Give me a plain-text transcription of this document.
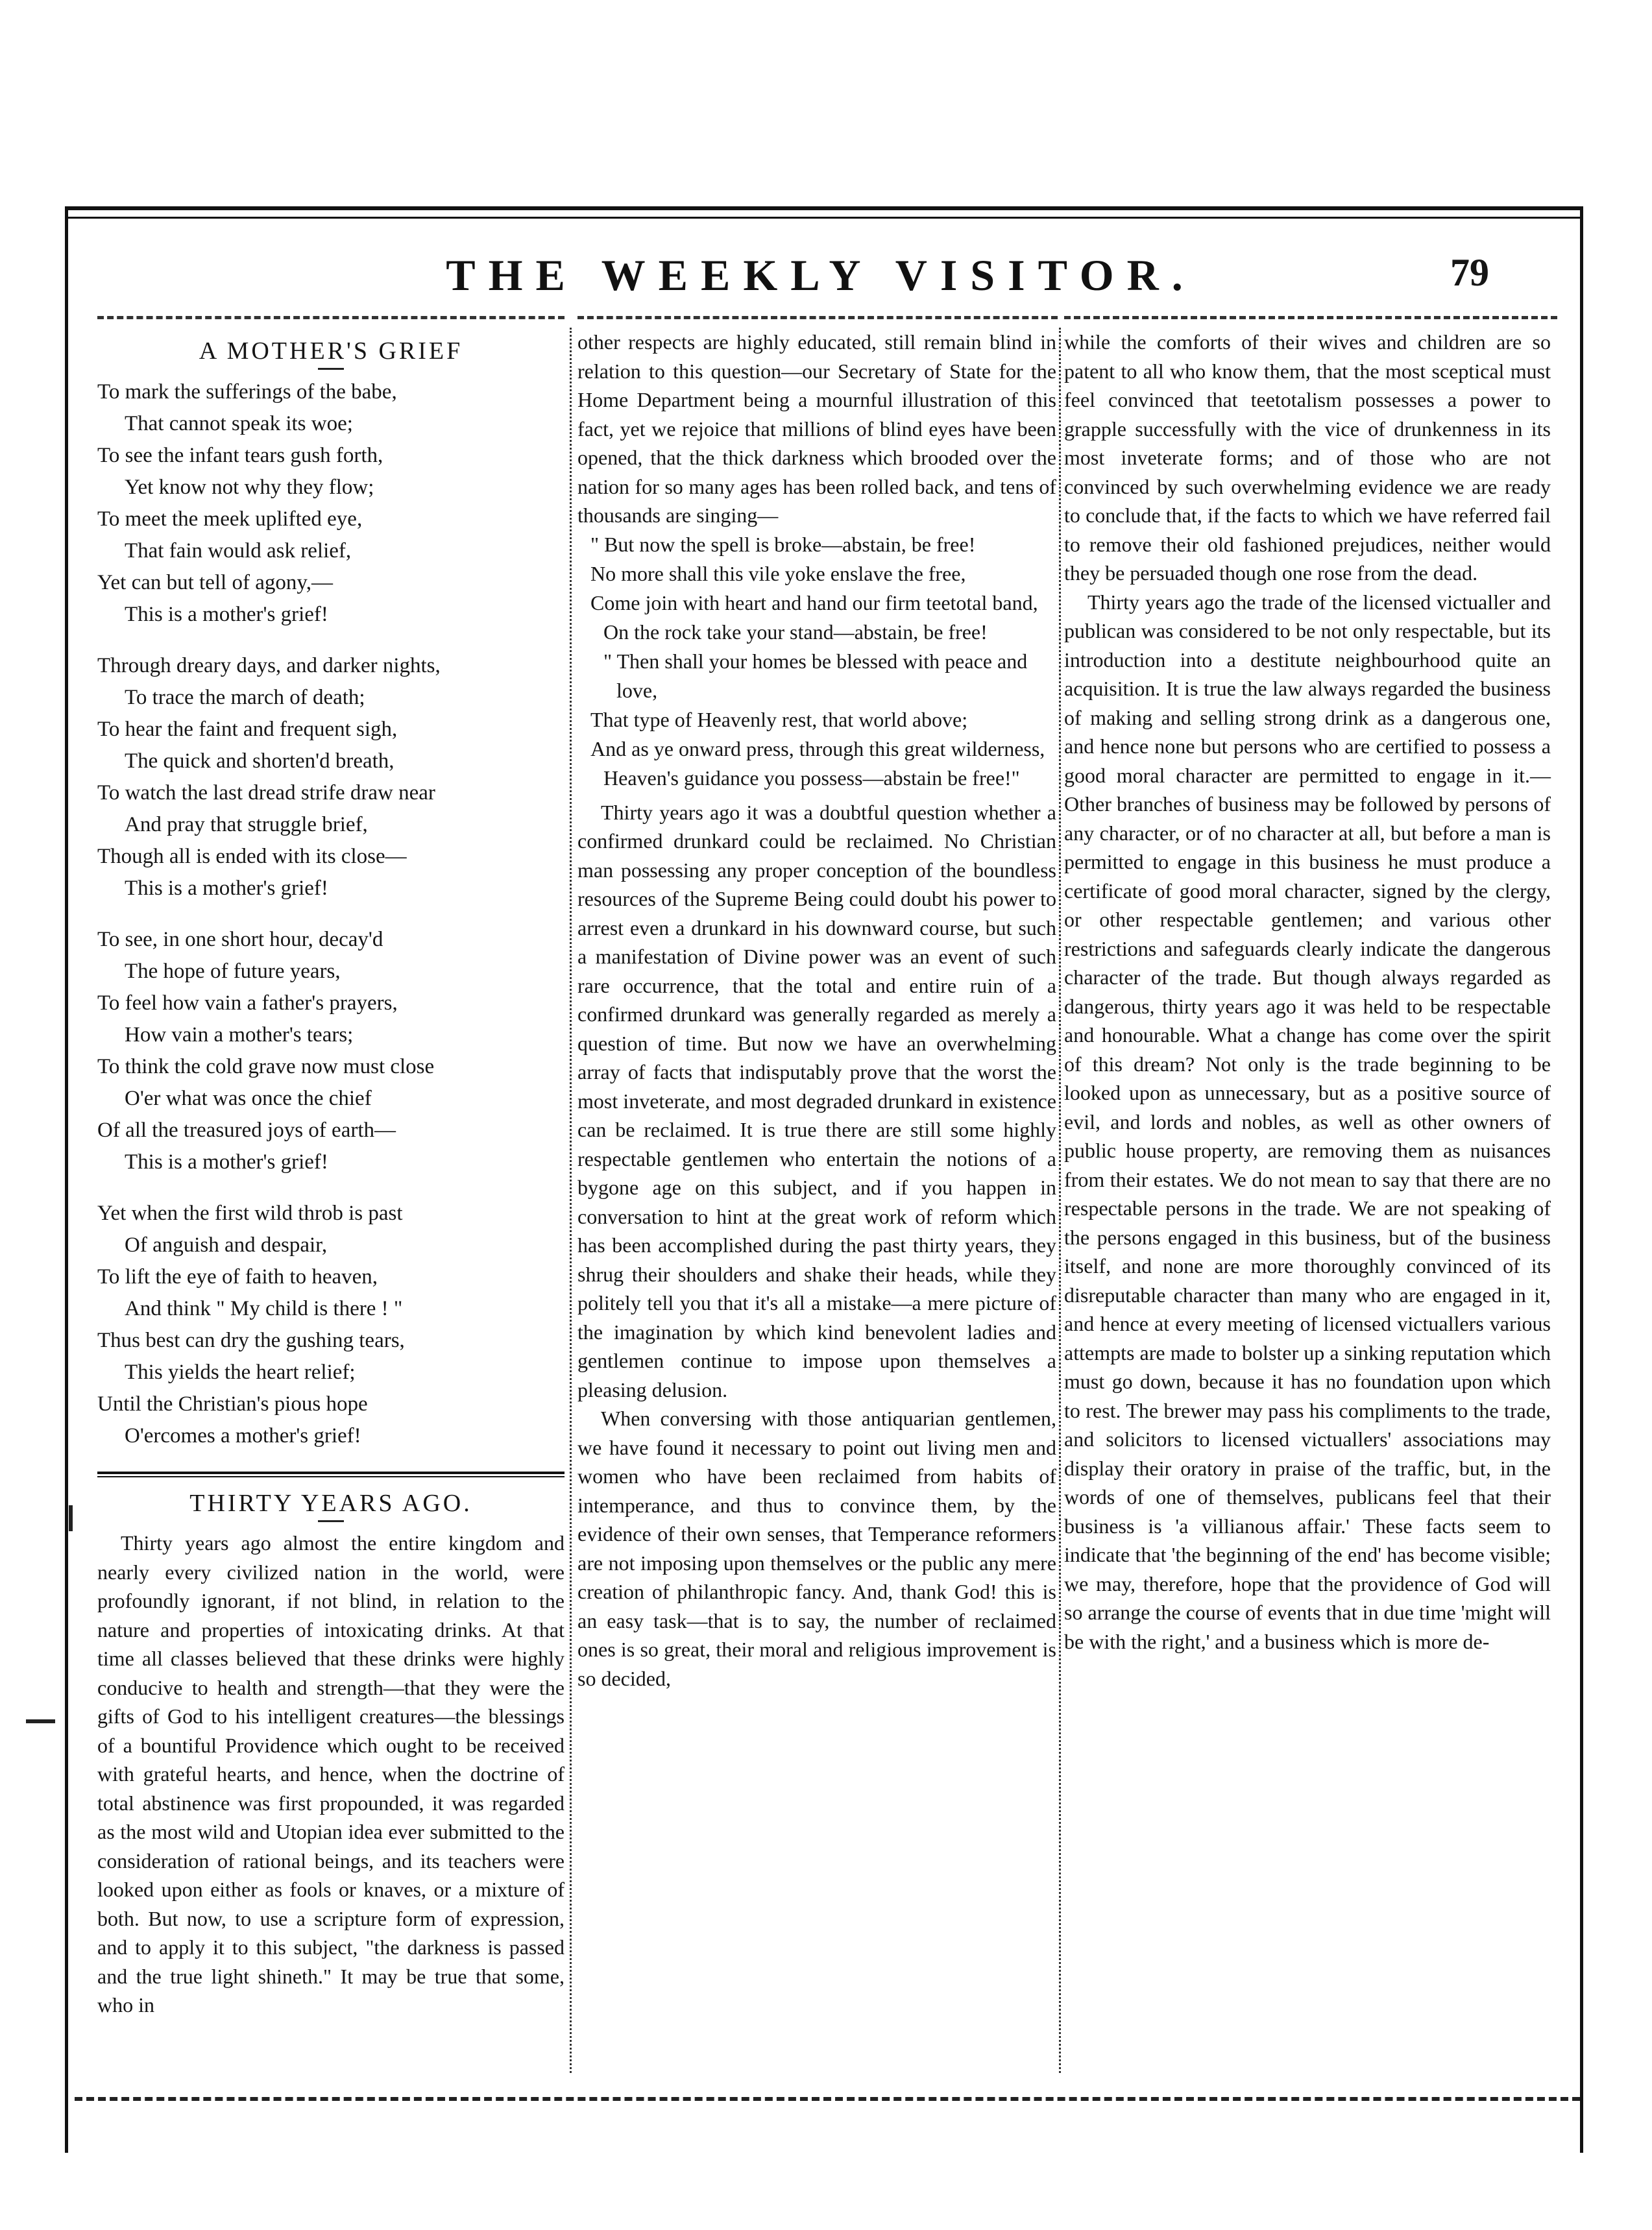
THE WEEKLY VISITOR.	79
A MOTHER'S GRIEF
To mark the sufferings of the babe,
That cannot speak its woe;
To see the infant tears gush forth,
Yet know not why they flow;
To meet the meek uplifted eye,
That fain would ask relief,
Yet can but tell of agony,—
This is a mother's grief!
Through dreary days, and darker nights,
To trace the march of death;
To hear the faint and frequent sigh,
The quick and shorten'd breath,
To watch the last dread strife draw near
And pray that struggle brief,
Though all is ended with its close—
This is a mother's grief!
To see, in one short hour, decay'd
The hope of future years,
To feel how vain a father's prayers,
How vain a mother's tears;
To think the cold grave now must close
O'er what was once the chief
Of all the treasured joys of earth—
This is a mother's grief!
Yet when the first wild throb is past
Of anguish and despair,
To lift the eye of faith to heaven,
And think " My child is there ! "
Thus best can dry the gushing tears,
This yields the heart relief;
Until the Christian's pious hope
O'ercomes a mother's grief!
THIRTY YEARS AGO.

Thirty years ago almost the entire kingdom and nearly every civilized nation in the world, were profoundly ignorant, if not blind, in relation to the nature and properties of intoxicating drinks. At that time all classes believed that these drinks were highly conducive to health and strength—that they were the gifts of God to his intelligent creatures—the blessings of a bountiful Providence which ought to be received with grateful hearts, and hence, when the doctrine of total abstinence was first propounded, it was regarded as the most wild and Utopian idea ever submitted to the consideration of rational beings, and its teachers were looked upon either as fools or knaves, or a mixture of both. But now, to use a scripture form of expression, and to apply it to this subject, "the darkness is passed and the true light shineth." It may be true that some, who in

other respects are highly educated, still remain blind in relation to this question—our Secretary of State for the Home Department being a mournful illustration of this fact, yet we rejoice that millions of blind eyes have been opened, that the thick darkness which brooded over the nation for so many ages has been rolled back, and tens of thousands are singing—

" But now the spell is broke—abstain, be free!
No more shall this vile yoke enslave the free,
Come join with heart and hand our firm teetotal band,
On the rock take your stand—abstain, be free!
" Then shall your homes be blessed with peace and love,
That type of Heavenly rest, that world above;
And as ye onward press, through this great wilderness,
Heaven's guidance you possess—abstain be free!"

Thirty years ago it was a doubtful question whether a confirmed drunkard could be reclaimed. No Christian man possessing any proper conception of the boundless resources of the Supreme Being could doubt his power to arrest even a drunkard in his downward course, but such a manifestation of Divine power was an event of such rare occurrence, that the total and entire ruin of a confirmed drunkard was generally regarded as merely a question of time. But now we have an overwhelming array of facts that indisputably prove that the worst the most inveterate, and most degraded drunkard in existence can be reclaimed. It is true there are still some highly respectable gentlemen who entertain the notions of a bygone age on this subject, and if you happen in conversation to hint at the great work of reform which has been accomplished during the past thirty years, they shrug their shoulders and shake their heads, while they politely tell you that it's all a mistake—a mere picture of the imagination by which kind benevolent ladies and gentlemen continue to impose upon themselves a pleasing delusion.

When conversing with those antiquarian gentlemen, we have found it necessary to point out living men and women who have been reclaimed from habits of intemperance, and thus to convince them, by the evidence of their own senses, that Temperance reformers are not imposing upon themselves or the public any mere creation of philanthropic fancy. And, thank God! this is an easy task—that is to say, the number of reclaimed ones is so great, their moral and religious improvement is so decided,

while the comforts of their wives and children are so patent to all who know them, that the most sceptical must feel convinced that teetotalism possesses a power to grapple successfully with the vice of drunkenness in its most inveterate forms; and of those who are not convinced by such overwhelming evidence we are ready to conclude that, if the facts to which we have referred fail to remove their old fashioned prejudices, neither would they be persuaded though one rose from the dead.

Thirty years ago the trade of the licensed victualler and publican was considered to be not only respectable, but its introduction into a destitute neighbourhood quite an acquisition. It is true the law always regarded the business of making and selling strong drink as a dangerous one, and hence none but persons who are certified to possess a good moral character are permitted to engage in it.—Other branches of business may be followed by persons of any character, or of no character at all, but before a man is permitted to engage in this business he must produce a certificate of good moral character, signed by the clergy, or other respectable gentlemen; and various other restrictions and safeguards clearly indicate the dangerous character of the trade. But though always regarded as dangerous, thirty years ago it was held to be respectable and honourable. What a change has come over the spirit of this dream? Not only is the trade beginning to be looked upon as unnecessary, but as a positive source of evil, and lords and nobles, as well as other owners of public house property, are removing them as nuisances from their estates. We do not mean to say that there are no respectable persons in the trade. We are not speaking of the persons engaged in this business, but of the business itself, and none are more thoroughly convinced of its disreputable character than many who are engaged in it, and hence at every meeting of licensed victuallers various attempts are made to bolster up a sinking reputation which must go down, because it has no foundation upon which to rest. The brewer may pass his compliments to the trade, and solicitors to licensed victuallers' associations may display their oratory in praise of the traffic, but, in the words of one of themselves, publicans feel that their business is 'a villianous affair.' These facts seem to indicate that 'the beginning of the end' has become visible; we may, therefore, hope that the providence of God will so arrange the course of events that in due time 'might will be with the right,' and a business which is more de-
